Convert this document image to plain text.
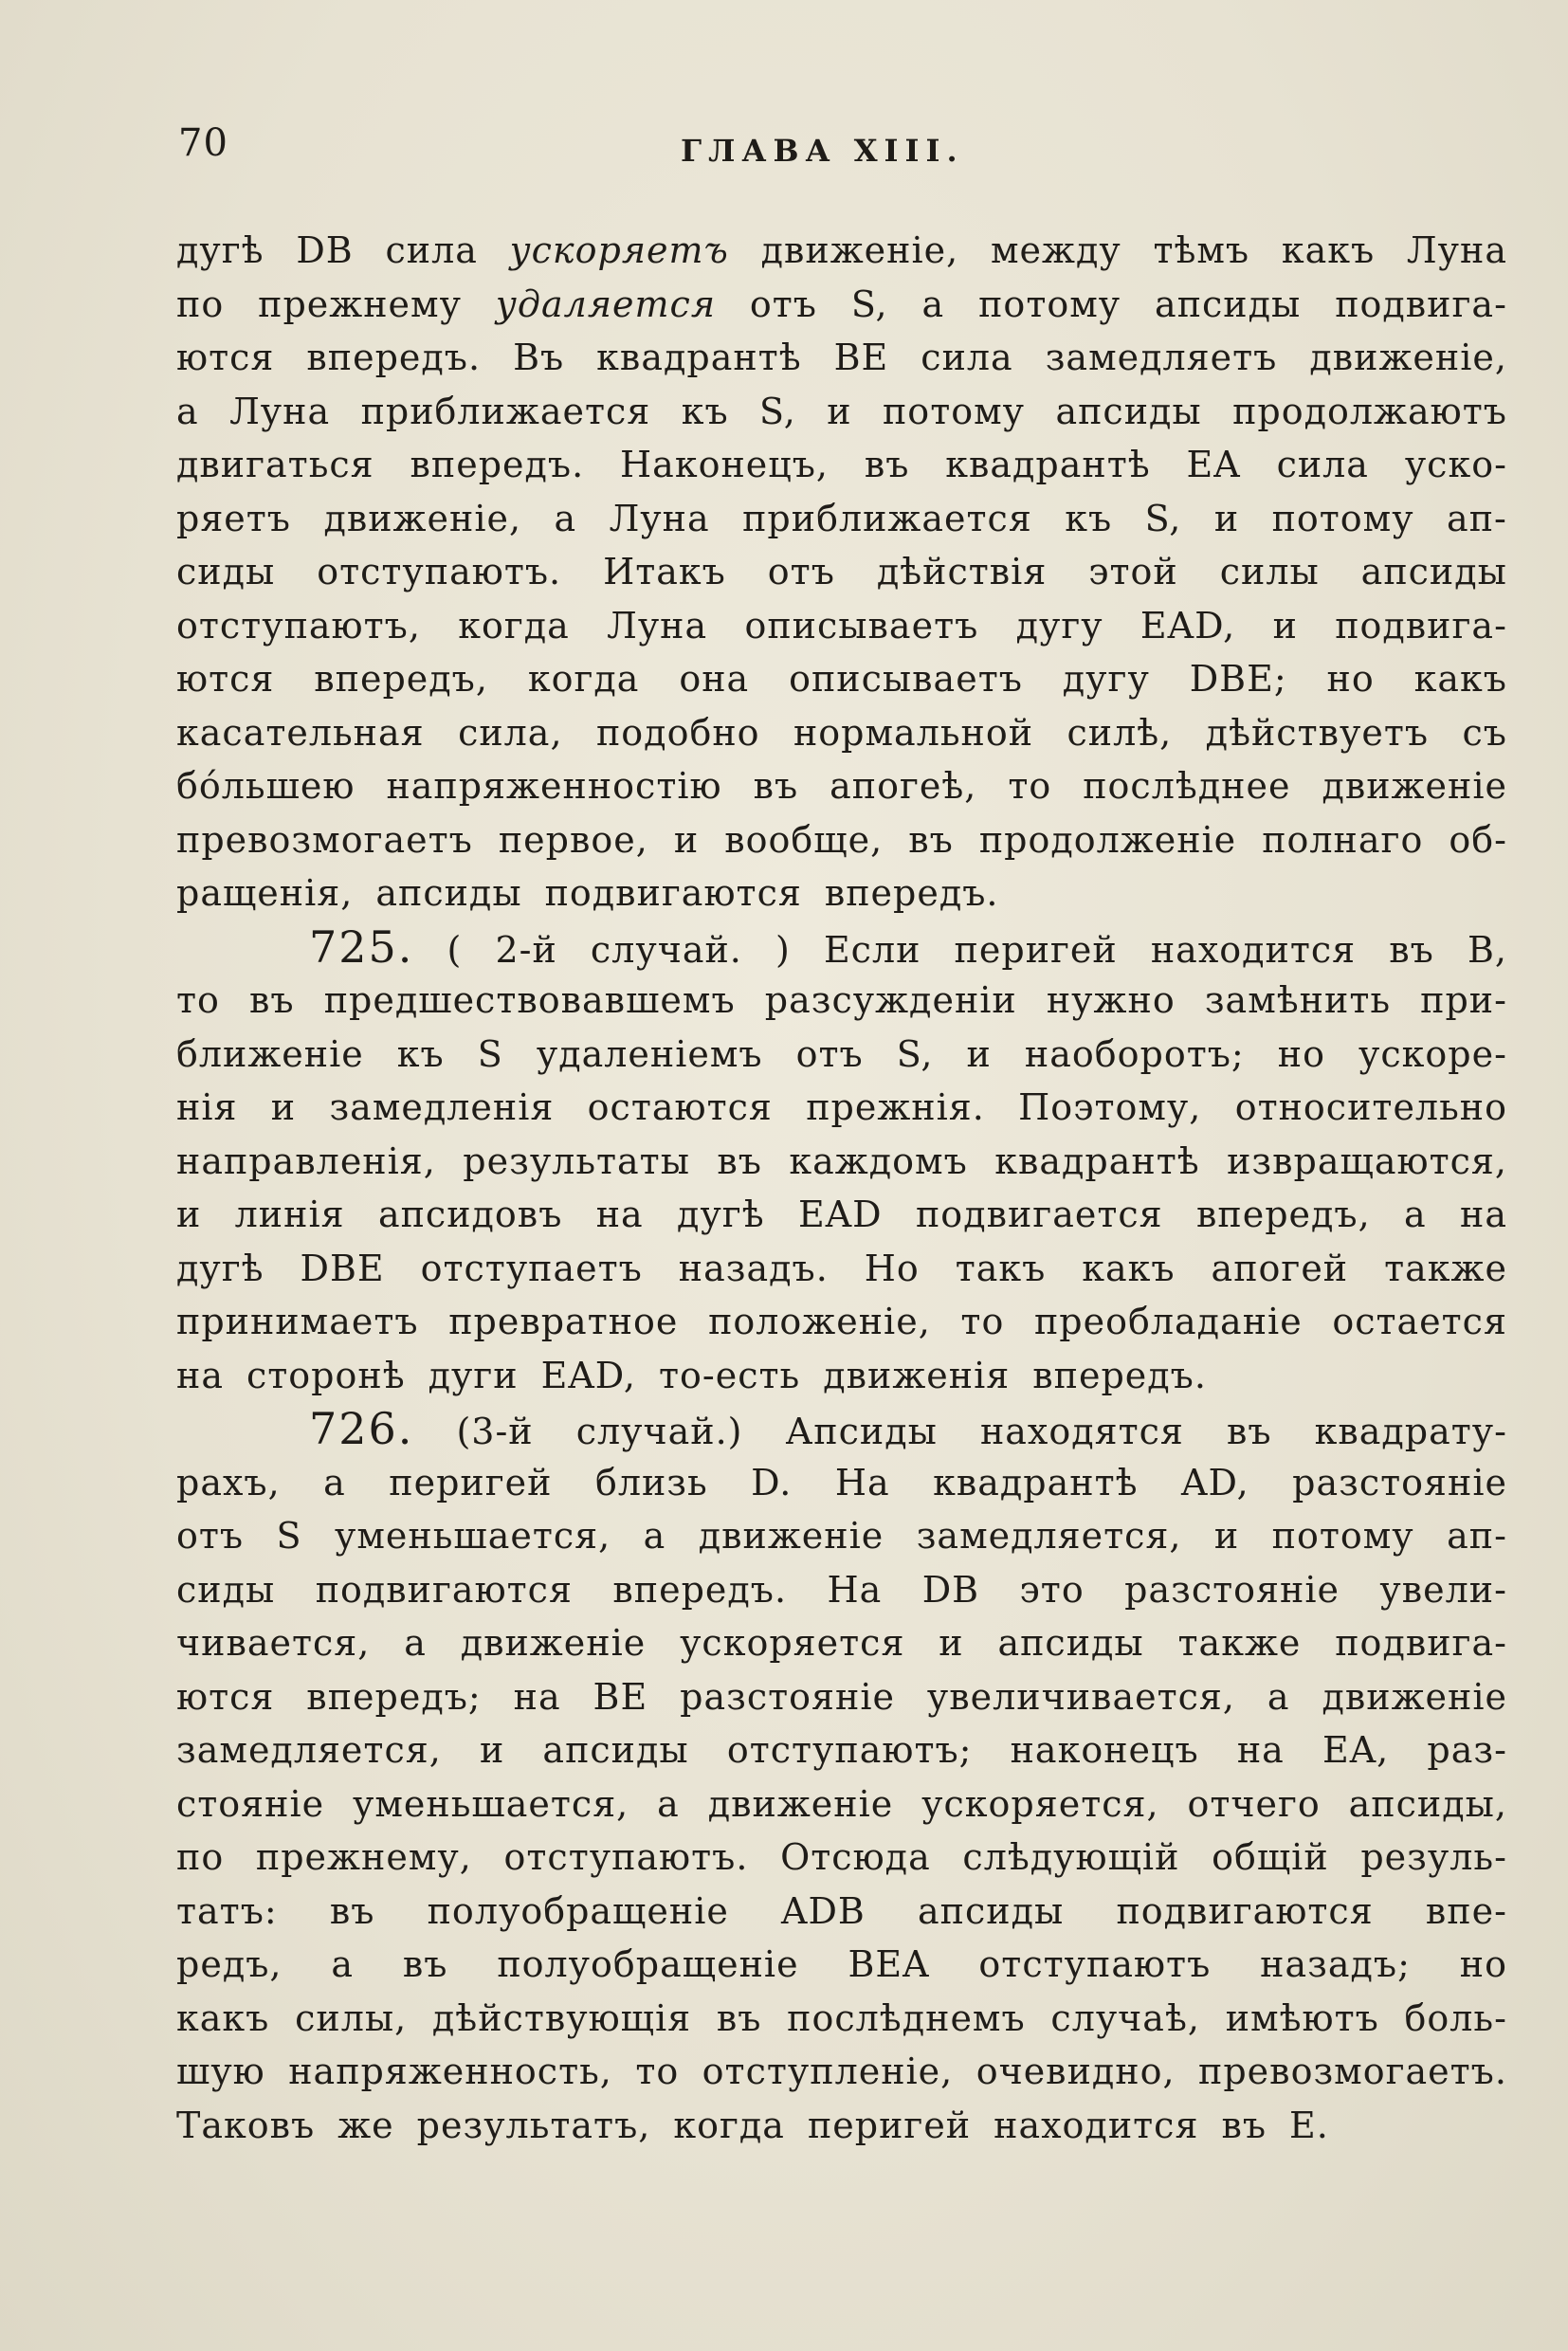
70	ГЛАВА XIII.
дугѣ DB сила ускоряетъ движеніе, между тѣмъ какъ Луна
по прежнему удаляется отъ S, а потому апсиды подвига-
ются впередъ. Въ квадрантѣ BE сила замедляетъ движеніе,
а Луна приближается къ S, и потому апсиды продолжаютъ
двигаться впередъ. Наконецъ, въ квадрантѣ EA сила уско-
ряетъ движеніе, а Луна приближается къ S, и потому ап-
сиды отступаютъ. Итакъ отъ дѣйствія этой силы апсиды
отступаютъ, когда Луна описываетъ дугу EAD, и подвига-
ются впередъ, когда она описываетъ дугу DBE; но какъ
касательная сила, подобно нормальной силѣ, дѣйствуетъ съ
бо́льшею напряженностію въ апогеѣ, то послѣднее движеніе
превозмогаетъ первое, и вообще, въ продолженіе полнаго об-
ращенія, апсиды подвигаются впередъ.
725. ( 2-й случай. ) Если перигей находится въ B,
то въ предшествовавшемъ разсужденіи нужно замѣнить при-
ближеніе къ S удаленіемъ отъ S, и наоборотъ; но ускоре-
нія и замедленія остаются прежнія. Поэтому, относительно
направленія, результаты въ каждомъ квадрантѣ извращаются,
и линія апсидовъ на дугѣ EAD подвигается впередъ, а на
дугѣ DBE отступаетъ назадъ. Но такъ какъ апогей также
принимаетъ превратное положеніе, то преобладаніе остается
на сторонѣ дуги EAD, то-есть движенія впередъ.
726. (3-й случай.) Апсиды находятся въ квадрату-
рахъ, а перигей близь D. На квадрантѣ AD, разстояніе
отъ S уменьшается, а движеніе замедляется, и потому ап-
сиды подвигаются впередъ. На DB это разстояніе увели-
чивается, а движеніе ускоряется и апсиды также подвига-
ются впередъ; на BE разстояніе увеличивается, а движеніе
замедляется, и апсиды отступаютъ; наконецъ на EA, раз-
стояніе уменьшается, а движеніе ускоряется, отчего апсиды,
по прежнему, отступаютъ. Отсюда слѣдующій общій резуль-
татъ: въ полуобращеніе ADB апсиды подвигаются впе-
редъ, а въ полуобращеніе BEA отступаютъ назадъ; но
какъ силы, дѣйствующія въ послѣднемъ случаѣ, имѣютъ боль-
шую напряженность, то отступленіе, очевидно, превозмогаетъ.
Таковъ же результатъ, когда перигей находится въ E.
